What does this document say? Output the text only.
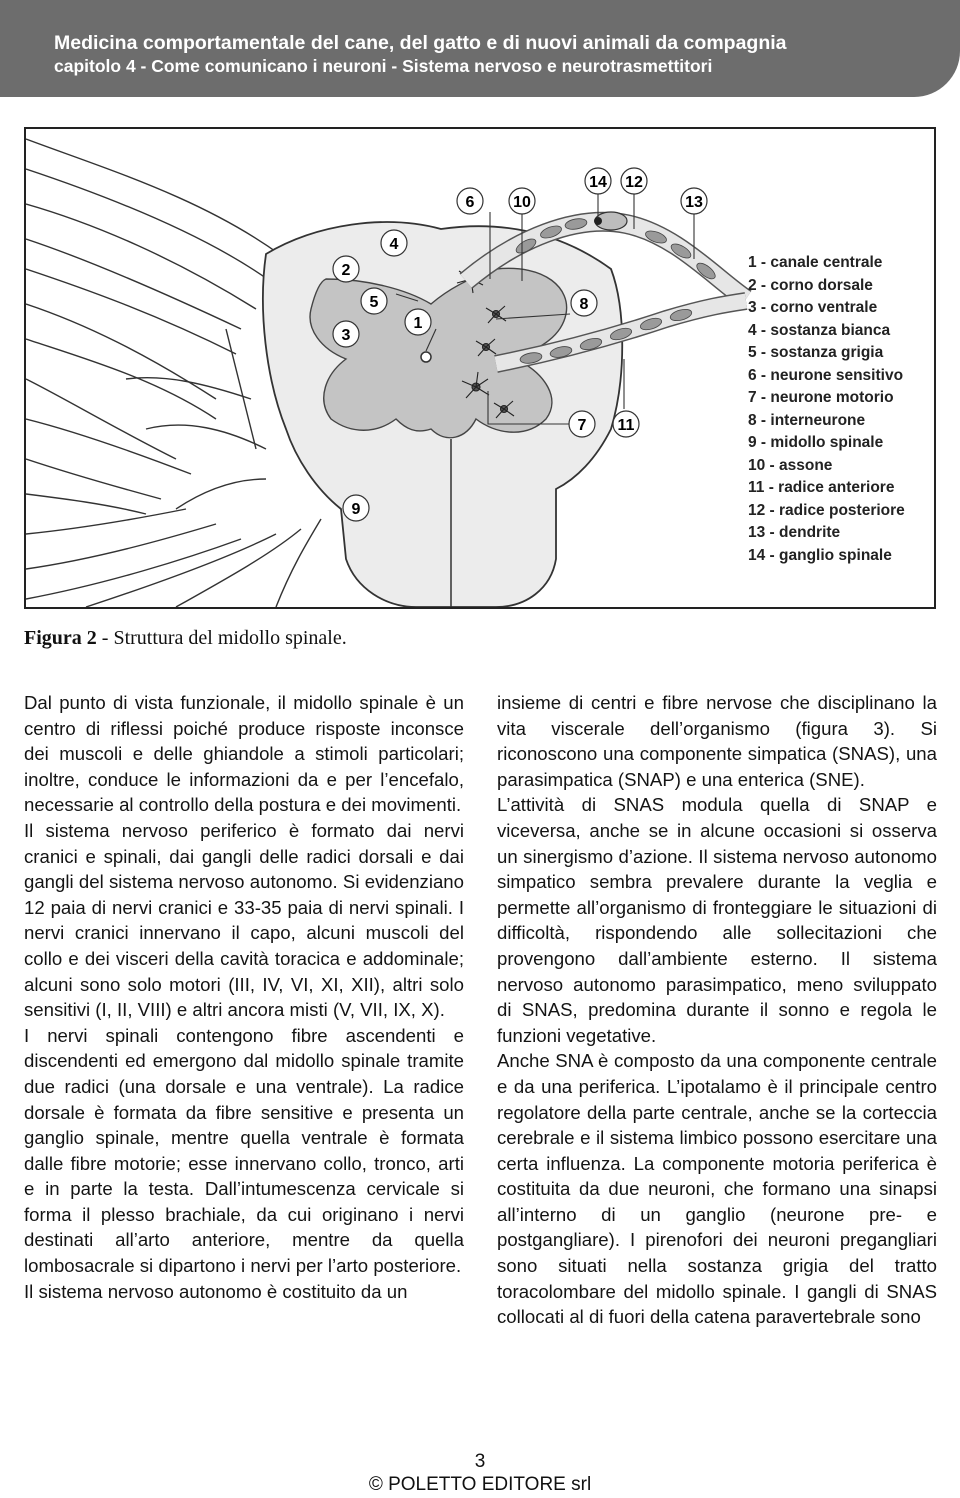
Medicina comportamentale del cane, del gatto e di nuovi animali da compagnia
capitolo 4 - Come comunicano i neuroni - Sistema nervoso e neurotrasmettitori
2
4
5
3
1
6 10
14 12
13
8
7 11
9
1 - canale centrale
2 - corno dorsale
3 - corno ventrale
4 - sostanza bianca
5 - sostanza grigia
6 - neurone sensitivo
7 - neurone motorio
8 - interneurone
9 - midollo spinale
10 - assone
11 - radice anteriore
12 - radice posteriore
13 - dendrite
14 - ganglio spinale
Figura 2 - Struttura del midollo spinale.

Dal punto di vista funzionale, il midollo spinale è un centro di riflessi poiché produce risposte inconsce dei muscoli e delle ghiandole a stimoli particolari; inoltre, conduce le informazioni da e per l’encefalo, necessarie al controllo della postura e dei movimenti.

Il sistema nervoso periferico è formato dai nervi cranici e spinali, dai gangli delle radici dorsali e dai gangli del sistema nervoso autonomo. Si evidenziano 12 paia di nervi cranici e 33-35 paia di nervi spinali. I nervi cranici innervano il capo, alcuni muscoli del collo e dei visceri della cavità toracica e addominale; alcuni sono solo motori (III, IV, VI, XI, XII), altri solo sensitivi (I, II, VIII) e altri ancora misti (V, VII, IX, X).

I nervi spinali contengono fibre ascendenti e discendenti ed emergono dal midollo spinale tramite due radici (una dorsale e una ventrale). La radice dorsale è formata da fibre sensitive e presenta un ganglio spinale, mentre quella ventrale è formata dalle fibre motorie; esse innervano collo, tronco, arti e in parte la testa. Dall’intumescenza cervicale si forma il plesso brachiale, da cui originano i nervi destinati all’arto anteriore, mentre da quella lombosacrale si dipartono i nervi per l’arto posteriore.

Il sistema nervoso autonomo è costituito da un

insieme di centri e fibre nervose che disciplinano la vita viscerale dell’organismo (figura 3). Si riconoscono una componente simpatica (SNAS), una parasimpatica (SNAP) e una enterica (SNE).

L’attività di SNAS modula quella di SNAP e viceversa, anche se in alcune occasioni si osserva un sinergismo d’azione. Il sistema nervoso autonomo simpatico sembra prevalere durante la veglia e permette all’organismo di fronteggiare le situazioni di difficoltà, rispondendo alle sollecitazioni che provengono dall’ambiente esterno. Il sistema nervoso autonomo parasimpatico, meno sviluppato di SNAS, predomina durante il sonno e regola le funzioni vegetative.

Anche SNA è composto da una componente centrale e da una periferica. L’ipotalamo è il principale centro regolatore della parte centrale, anche se la corteccia cerebrale e il sistema limbico possono esercitare una certa influenza. La componente motoria periferica è costituita da due neuroni, che formano una sinapsi all’interno di un ganglio (neurone pre- e postgangliare). I pirenofori dei neuroni pregangliari sono situati nella sostanza grigia del tratto toracolombare del midollo spinale. I gangli di SNAS collocati al di fuori della catena paravertebrale sono

3
© POLETTO EDITORE srl
